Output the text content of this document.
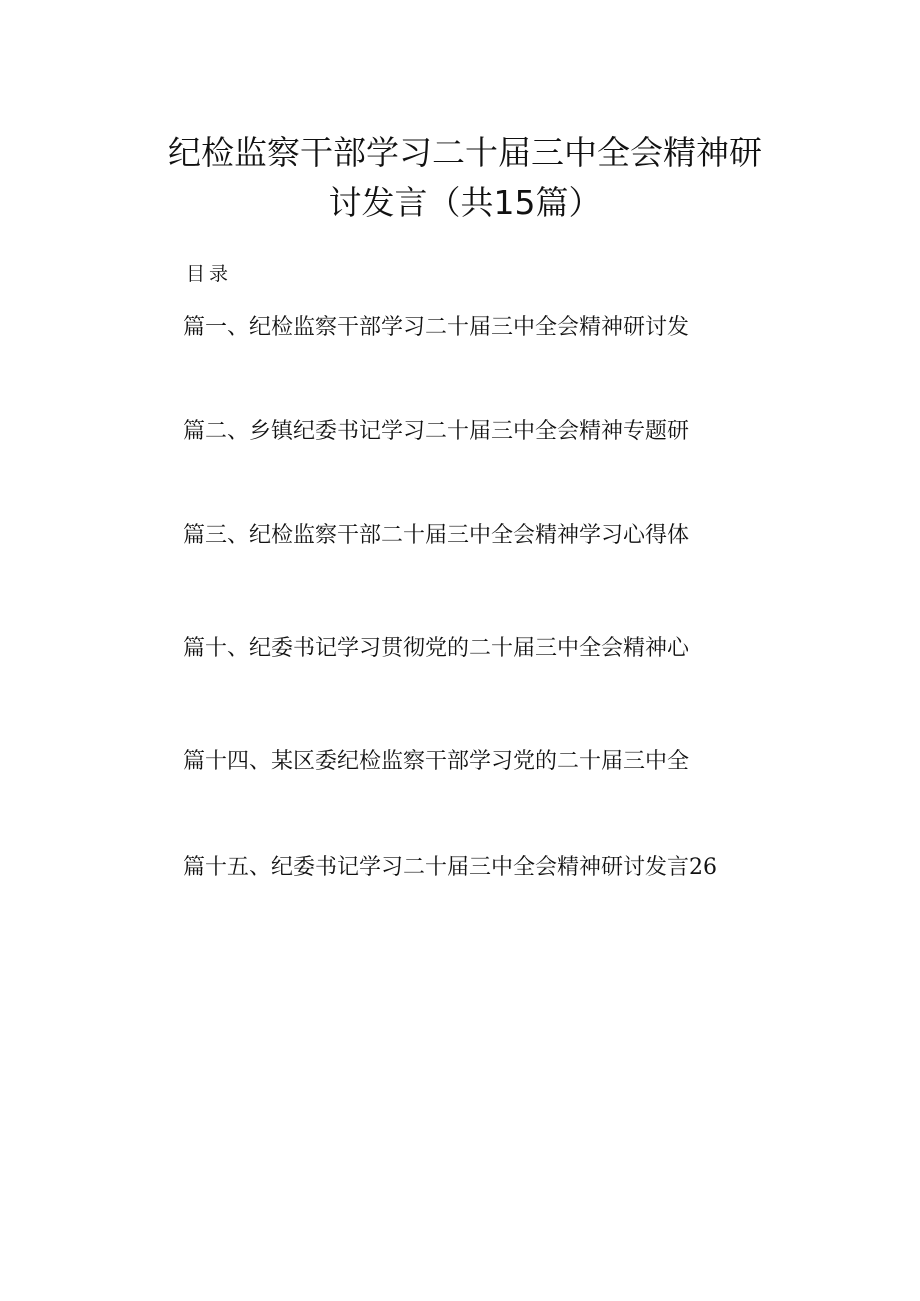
纪检监察干部学习二十届三中全会精神研
讨发言（共15篇）
目录
篇一、纪检监察干部学习二十届三中全会精神研讨发
篇二、乡镇纪委书记学习二十届三中全会精神专题研
篇三、纪检监察干部二十届三中全会精神学习心得体
篇十、纪委书记学习贯彻党的二十届三中全会精神心
篇十四、某区委纪检监察干部学习党的二十届三中全
篇十五、纪委书记学习二十届三中全会精神研讨发言26
